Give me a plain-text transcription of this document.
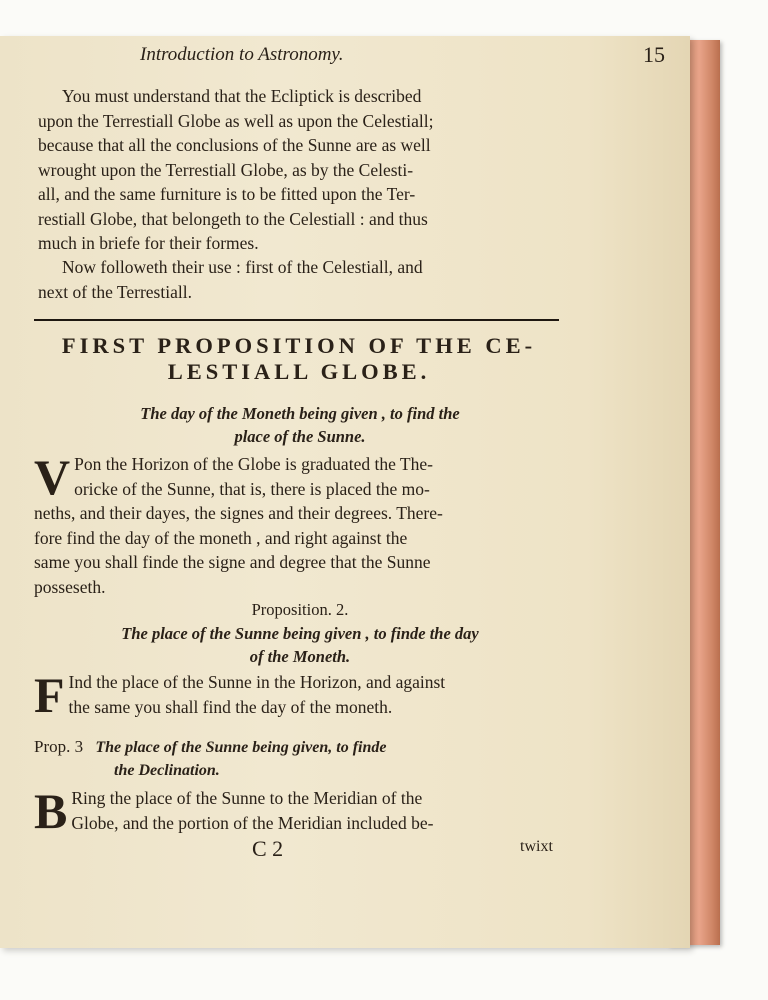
Introduction to Astronomy.	15
You must understand that the Ecliptick is described
upon the Terrestiall Globe as well as upon the Celestiall;
because that all the conclusions of the Sunne are as well
wrought upon the Terrestiall Globe, as by the Celesti-
all, and the same furniture is to be fitted upon the Ter-
restiall Globe, that belongeth to the Celestiall : and thus
much in briefe for their formes.
Now followeth their use : first of the Celestiall, and
next of the Terrestiall.
FIRST PROPOSITION OF THE CE-
LESTIALL GLOBE.
The day of the Moneth being given , to find the
place of the Sunne.
V Pon the Horizon of the Globe is graduated the The-
oricke of the Sunne, that is, there is placed the mo-
neths, and their dayes, the signes and their degrees. There-
fore find the day of the moneth , and right against the
same you shall finde the signe and degree that the Sunne
posseseth.
Proposition. 2.
The place of the Sunne being given , to finde the day
of the Moneth.
F Ind the place of the Sunne in the Horizon, and against
the same you shall find the day of the moneth.
Prop. 3 The place of the Sunne being given, to finde
the Declination.
B Ring the place of the Sunne to the Meridian of the
Globe, and the portion of the Meridian included be-
C 2	twixt
